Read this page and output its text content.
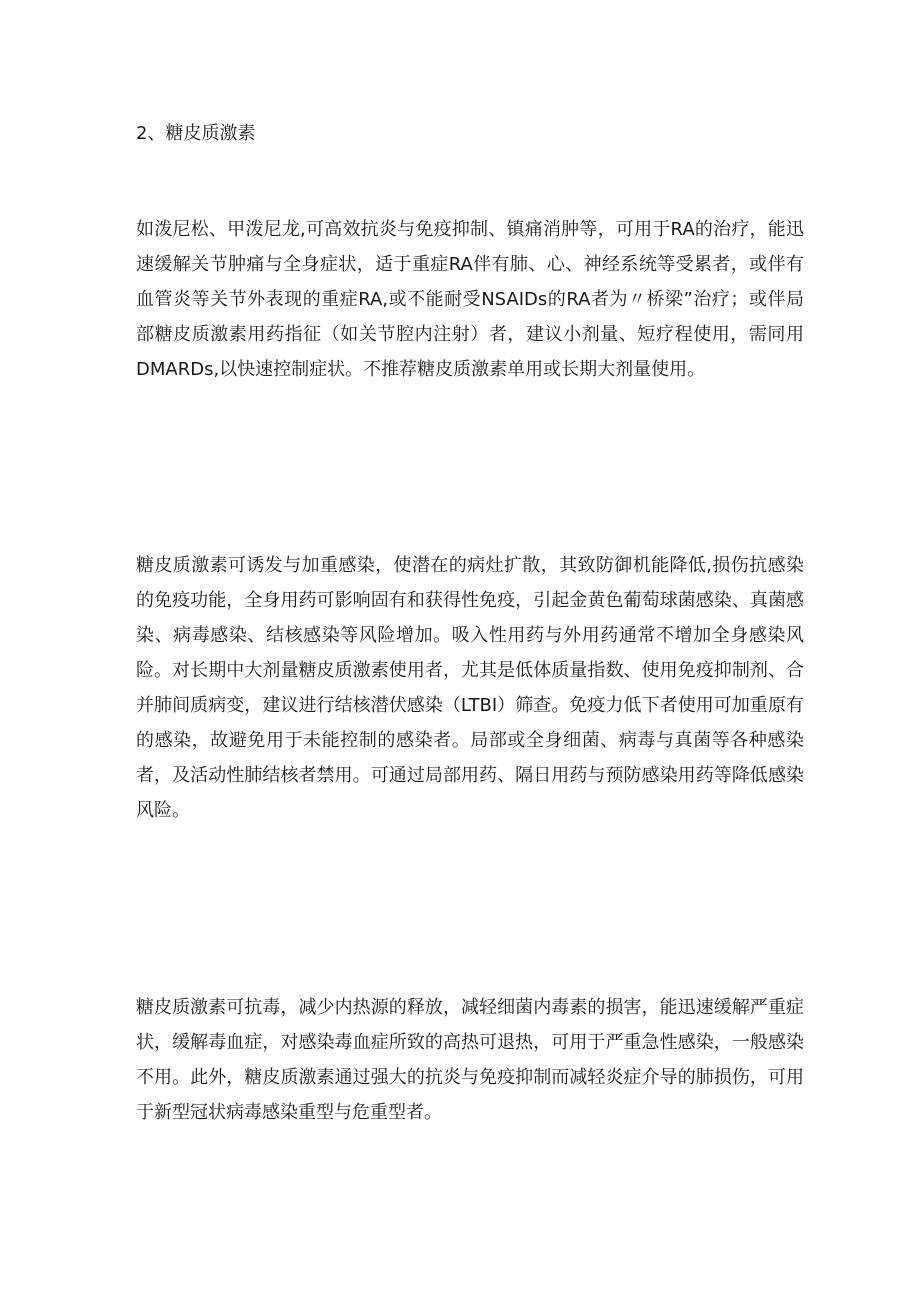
2、糖皮质激素

如泼尼松、甲泼尼龙,可高效抗炎与免疫抑制、镇痛消肿等，可用于RA的治疗，能迅速缓解关节肿痛与全身症状，适于重症RA伴有肺、心、神经系统等受累者，或伴有血管炎等关节外表现的重症RA,或不能耐受NSAIDs的RA者为〃桥梁”治疗；或伴局部糖皮质激素用药指征（如关节腔内注射）者，建议小剂量、短疗程使用，需同用DMARDs,以快速控制症状。不推荐糖皮质激素单用或长期大剂量使用。

糖皮质激素可诱发与加重感染，使潜在的病灶扩散，其致防御机能降低,损伤抗感染的免疫功能，全身用药可影响固有和获得性免疫，引起金黄色葡萄球菌感染、真菌感染、病毒感染、结核感染等风险增加。吸入性用药与外用药通常不增加全身感染风险。对长期中大剂量糖皮质激素使用者，尤其是低体质量指数、使用免疫抑制剂、合并肺间质病变，建议进行结核潜伏感染（LTBI）筛查。免疫力低下者使用可加重原有的感染，故避免用于未能控制的感染者。局部或全身细菌、病毒与真菌等各种感染者，及活动性肺结核者禁用。可通过局部用药、隔日用药与预防感染用药等降低感染风险。

糖皮质激素可抗毒，减少内热源的释放，减轻细菌内毒素的损害，能迅速缓解严重症状，缓解毒血症，对感染毒血症所致的高热可退热，可用于严重急性感染，一般感染不用。此外，糖皮质激素通过强大的抗炎与免疫抑制而减轻炎症介导的肺损伤，可用于新型冠状病毒感染重型与危重型者。
